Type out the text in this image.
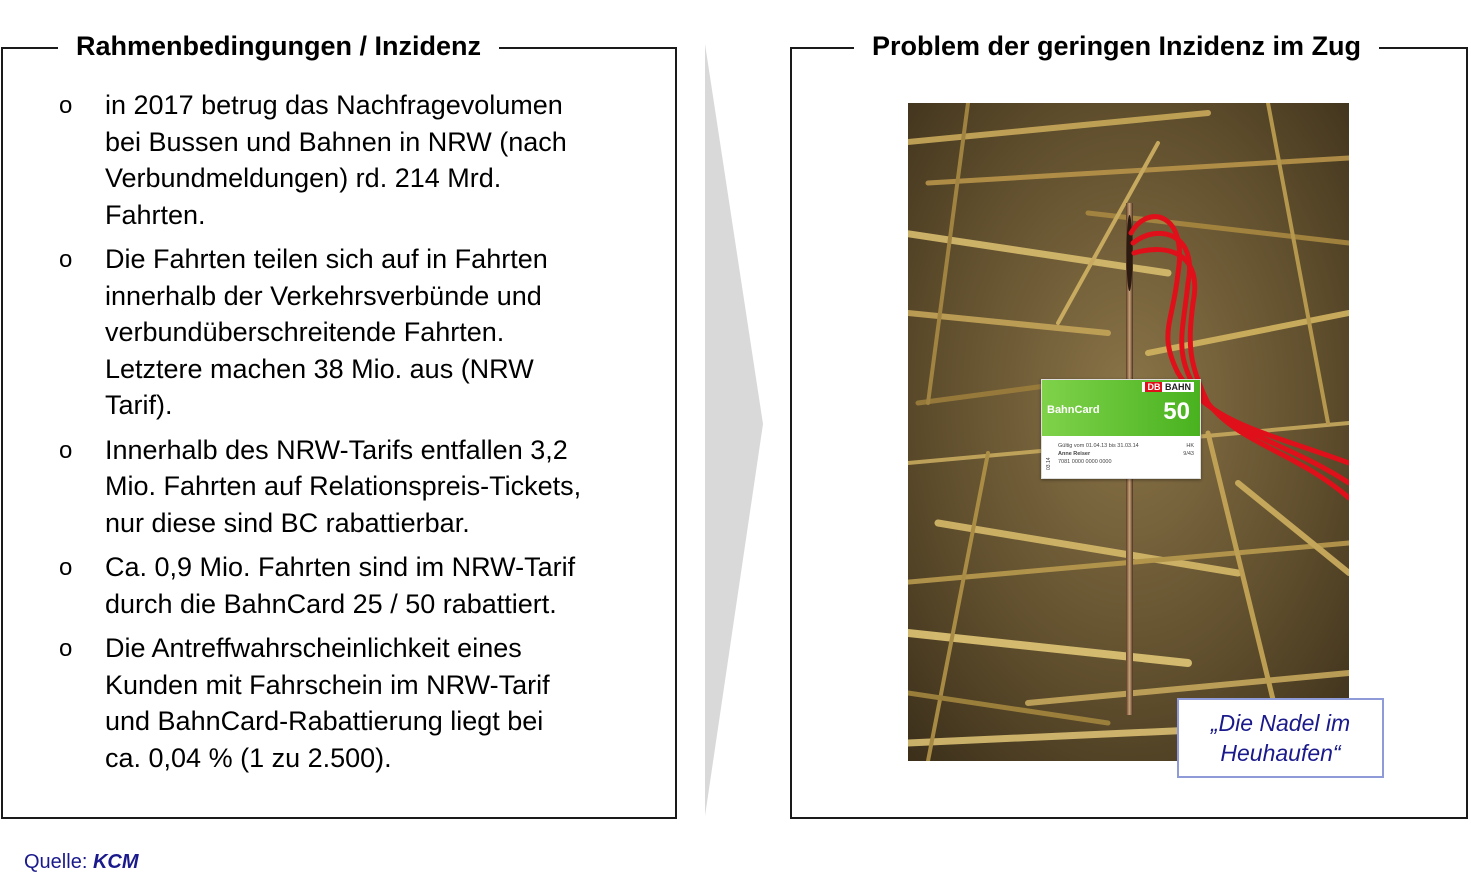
Rahmenbedingungen / Inzidenz
o in 2017 betrug das Nachfragevolumen
bei Bussen und Bahnen in NRW (nach
Verbundmeldungen) rd. 214 Mrd.
Fahrten.
o Die Fahrten teilen sich auf in Fahrten
innerhalb der Verkehrsverbünde und
verbundüberschreitende Fahrten.
Letztere machen 38 Mio. aus (NRW
Tarif).
o Innerhalb des NRW-Tarifs entfallen 3,2
Mio. Fahrten auf Relationspreis-Tickets,
nur diese sind BC rabattierbar.
o Ca. 0,9 Mio. Fahrten sind im NRW-Tarif
durch die BahnCard 25 / 50 rabattiert.
o Die Antreffwahrscheinlichkeit eines
Kunden mit Fahrschein im NRW-Tarif
und BahnCard-Rabattierung liegt bei
ca. 0,04 % (1 zu 2.500).
Problem der geringen Inzidenz im Zug
DB BAHN
BahnCard	50
03.14
Gültig vom 01.04.13 bis 31.03.14
Anne Reiser
7081 0000 0000 0000
HK
9/43
„Die Nadel im
Heuhaufen“
Quelle: KCM
